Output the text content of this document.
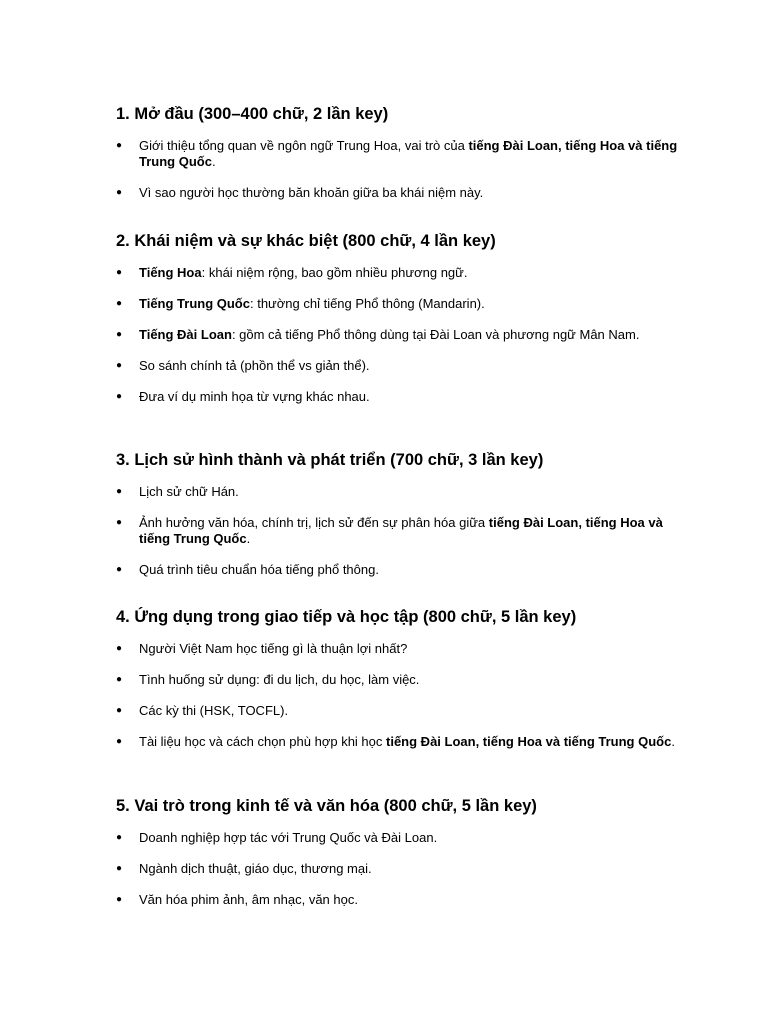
1. Mở đầu (300–400 chữ, 2 lần key)
● Giới thiệu tổng quan về ngôn ngữ Trung Hoa, vai trò của tiếng Đài Loan, tiếng Hoa và tiếng Trung Quốc.
● Vì sao người học thường băn khoăn giữa ba khái niệm này.
2. Khái niệm và sự khác biệt (800 chữ, 4 lần key)
● Tiếng Hoa: khái niệm rộng, bao gồm nhiều phương ngữ.
● Tiếng Trung Quốc: thường chỉ tiếng Phổ thông (Mandarin).
● Tiếng Đài Loan: gồm cả tiếng Phổ thông dùng tại Đài Loan và phương ngữ Mân Nam.
● So sánh chính tả (phồn thể vs giản thể).
● Đưa ví dụ minh họa từ vựng khác nhau.
3. Lịch sử hình thành và phát triển (700 chữ, 3 lần key)
● Lịch sử chữ Hán.
● Ảnh hưởng văn hóa, chính trị, lịch sử đến sự phân hóa giữa tiếng Đài Loan, tiếng Hoa và tiếng Trung Quốc.
● Quá trình tiêu chuẩn hóa tiếng phổ thông.
4. Ứng dụng trong giao tiếp và học tập (800 chữ, 5 lần key)
● Người Việt Nam học tiếng gì là thuận lợi nhất?
● Tình huống sử dụng: đi du lịch, du học, làm việc.
● Các kỳ thi (HSK, TOCFL).
● Tài liệu học và cách chọn phù hợp khi học tiếng Đài Loan, tiếng Hoa và tiếng Trung Quốc.
5. Vai trò trong kinh tế và văn hóa (800 chữ, 5 lần key)
● Doanh nghiệp hợp tác với Trung Quốc và Đài Loan.
● Ngành dịch thuật, giáo dục, thương mại.
● Văn hóa phim ảnh, âm nhạc, văn học.
